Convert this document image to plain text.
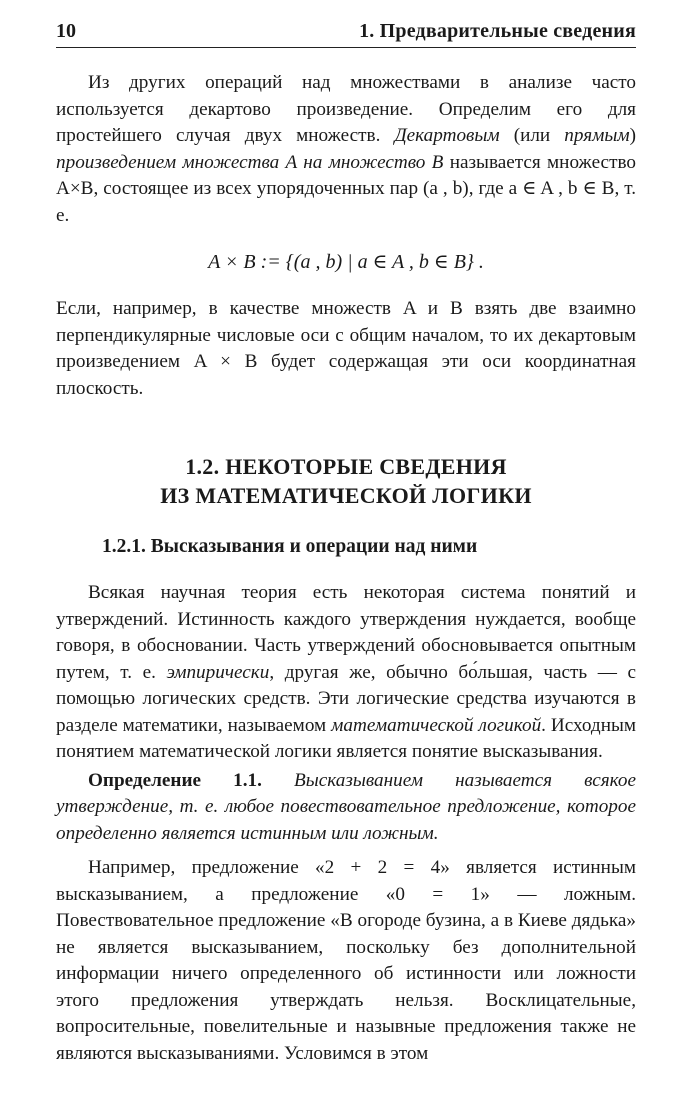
10	1. Предварительные сведения

Из других операций над множествами в анализе часто используется декартово произведение. Определим его для простейшего случая двух множеств. Декартовым (или прямым) произведением множества A на множество B называется множество A×B, состоящее из всех упорядоченных пар (a , b), где a ∈ A , b ∈ B, т. е.

A × B := {(a , b) | a ∈ A , b ∈ B} .

Если, например, в качестве множеств A и B взять две взаимно перпендикулярные числовые оси с общим началом, то их декартовым произведением A × B будет содержащая эти оси координатная плоскость.

1.2. НЕКОТОРЫЕ СВЕДЕНИЯ
ИЗ МАТЕМАТИЧЕСКОЙ ЛОГИКИ
1.2.1. Высказывания и операции над ними

Всякая научная теория есть некоторая система понятий и утверждений. Истинность каждого утверждения нуждается, вообще говоря, в обосновании. Часть утверждений обосновывается опытным путем, т. е. эмпирически, другая же, обычно бо́льшая, часть — с помощью логических средств. Эти логические средства изучаются в разделе математики, называемом математической логикой. Исходным понятием математической логики является понятие высказывания.

Определение 1.1. Высказыванием называется всякое утверждение, т. е. любое повествовательное предложение, которое определенно является истинным или ложным.

Например, предложение «2 + 2 = 4» является истинным высказыванием, а предложение «0 = 1» — ложным. Повествовательное предложение «В огороде бузина, а в Киеве дядька» не является высказыванием, поскольку без дополнительной информации ничего определенного об истинности или ложности этого предложения утверждать нельзя. Восклицательные, вопросительные, повелительные и назывные предложения также не являются высказываниями. Условимся в этом
